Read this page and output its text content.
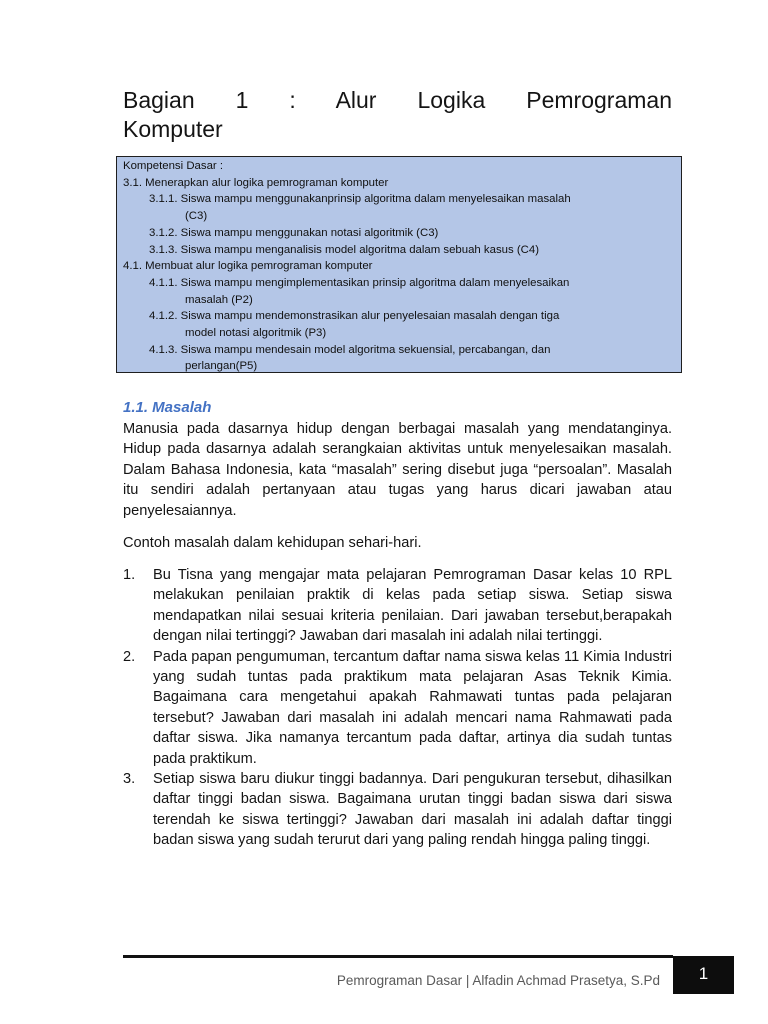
Bagian 1 : Alur Logika Pemrograman
Komputer
Kompetensi Dasar :
3.1. Menerapkan alur logika pemrograman komputer
3.1.1. Siswa mampu menggunakanprinsip algoritma dalam menyelesaikan masalah
(C3)
3.1.2. Siswa mampu menggunakan notasi algoritmik (C3)
3.1.3. Siswa mampu menganalisis model algoritma dalam sebuah kasus (C4)
4.1. Membuat alur logika pemrograman komputer
4.1.1. Siswa mampu mengimplementasikan prinsip algoritma dalam menyelesaikan
masalah (P2)
4.1.2. Siswa mampu mendemonstrasikan alur penyelesaian masalah dengan tiga
model notasi algoritmik (P3)
4.1.3. Siswa mampu mendesain model algoritma sekuensial, percabangan, dan
perlangan(P5)
1.1. Masalah

Manusia pada dasarnya hidup dengan berbagai masalah yang mendatanginya. Hidup pada dasarnya adalah serangkaian aktivitas untuk menyelesaikan masalah. Dalam Bahasa Indonesia, kata “masalah” sering disebut juga “persoalan”. Masalah itu sendiri adalah pertanyaan atau tugas yang harus dicari jawaban atau penyelesaiannya.

Contoh masalah dalam kehidupan sehari-hari.

1.	Bu Tisna yang mengajar mata pelajaran Pemrograman Dasar kelas 10 RPL melakukan penilaian praktik di kelas pada setiap siswa. Setiap siswa mendapatkan nilai sesuai kriteria penilaian. Dari jawaban tersebut,berapakah dengan nilai tertinggi? Jawaban dari masalah ini adalah nilai tertinggi.
2.	Pada papan pengumuman, tercantum daftar nama siswa kelas 11 Kimia Industri yang sudah tuntas pada praktikum mata pelajaran Asas Teknik Kimia. Bagaimana cara mengetahui apakah Rahmawati tuntas pada pelajaran tersebut? Jawaban dari masalah ini adalah mencari nama Rahmawati pada daftar siswa. Jika namanya tercantum pada daftar, artinya dia sudah tuntas pada praktikum.
3.	Setiap siswa baru diukur tinggi badannya. Dari pengukuran tersebut, dihasilkan daftar tinggi badan siswa. Bagaimana urutan tinggi badan siswa dari siswa terendah ke siswa tertinggi? Jawaban dari masalah ini adalah daftar tinggi badan siswa yang sudah terurut dari yang paling rendah hingga paling tinggi.
Pemrograman Dasar | Alfadin Achmad Prasetya, S.Pd	1
